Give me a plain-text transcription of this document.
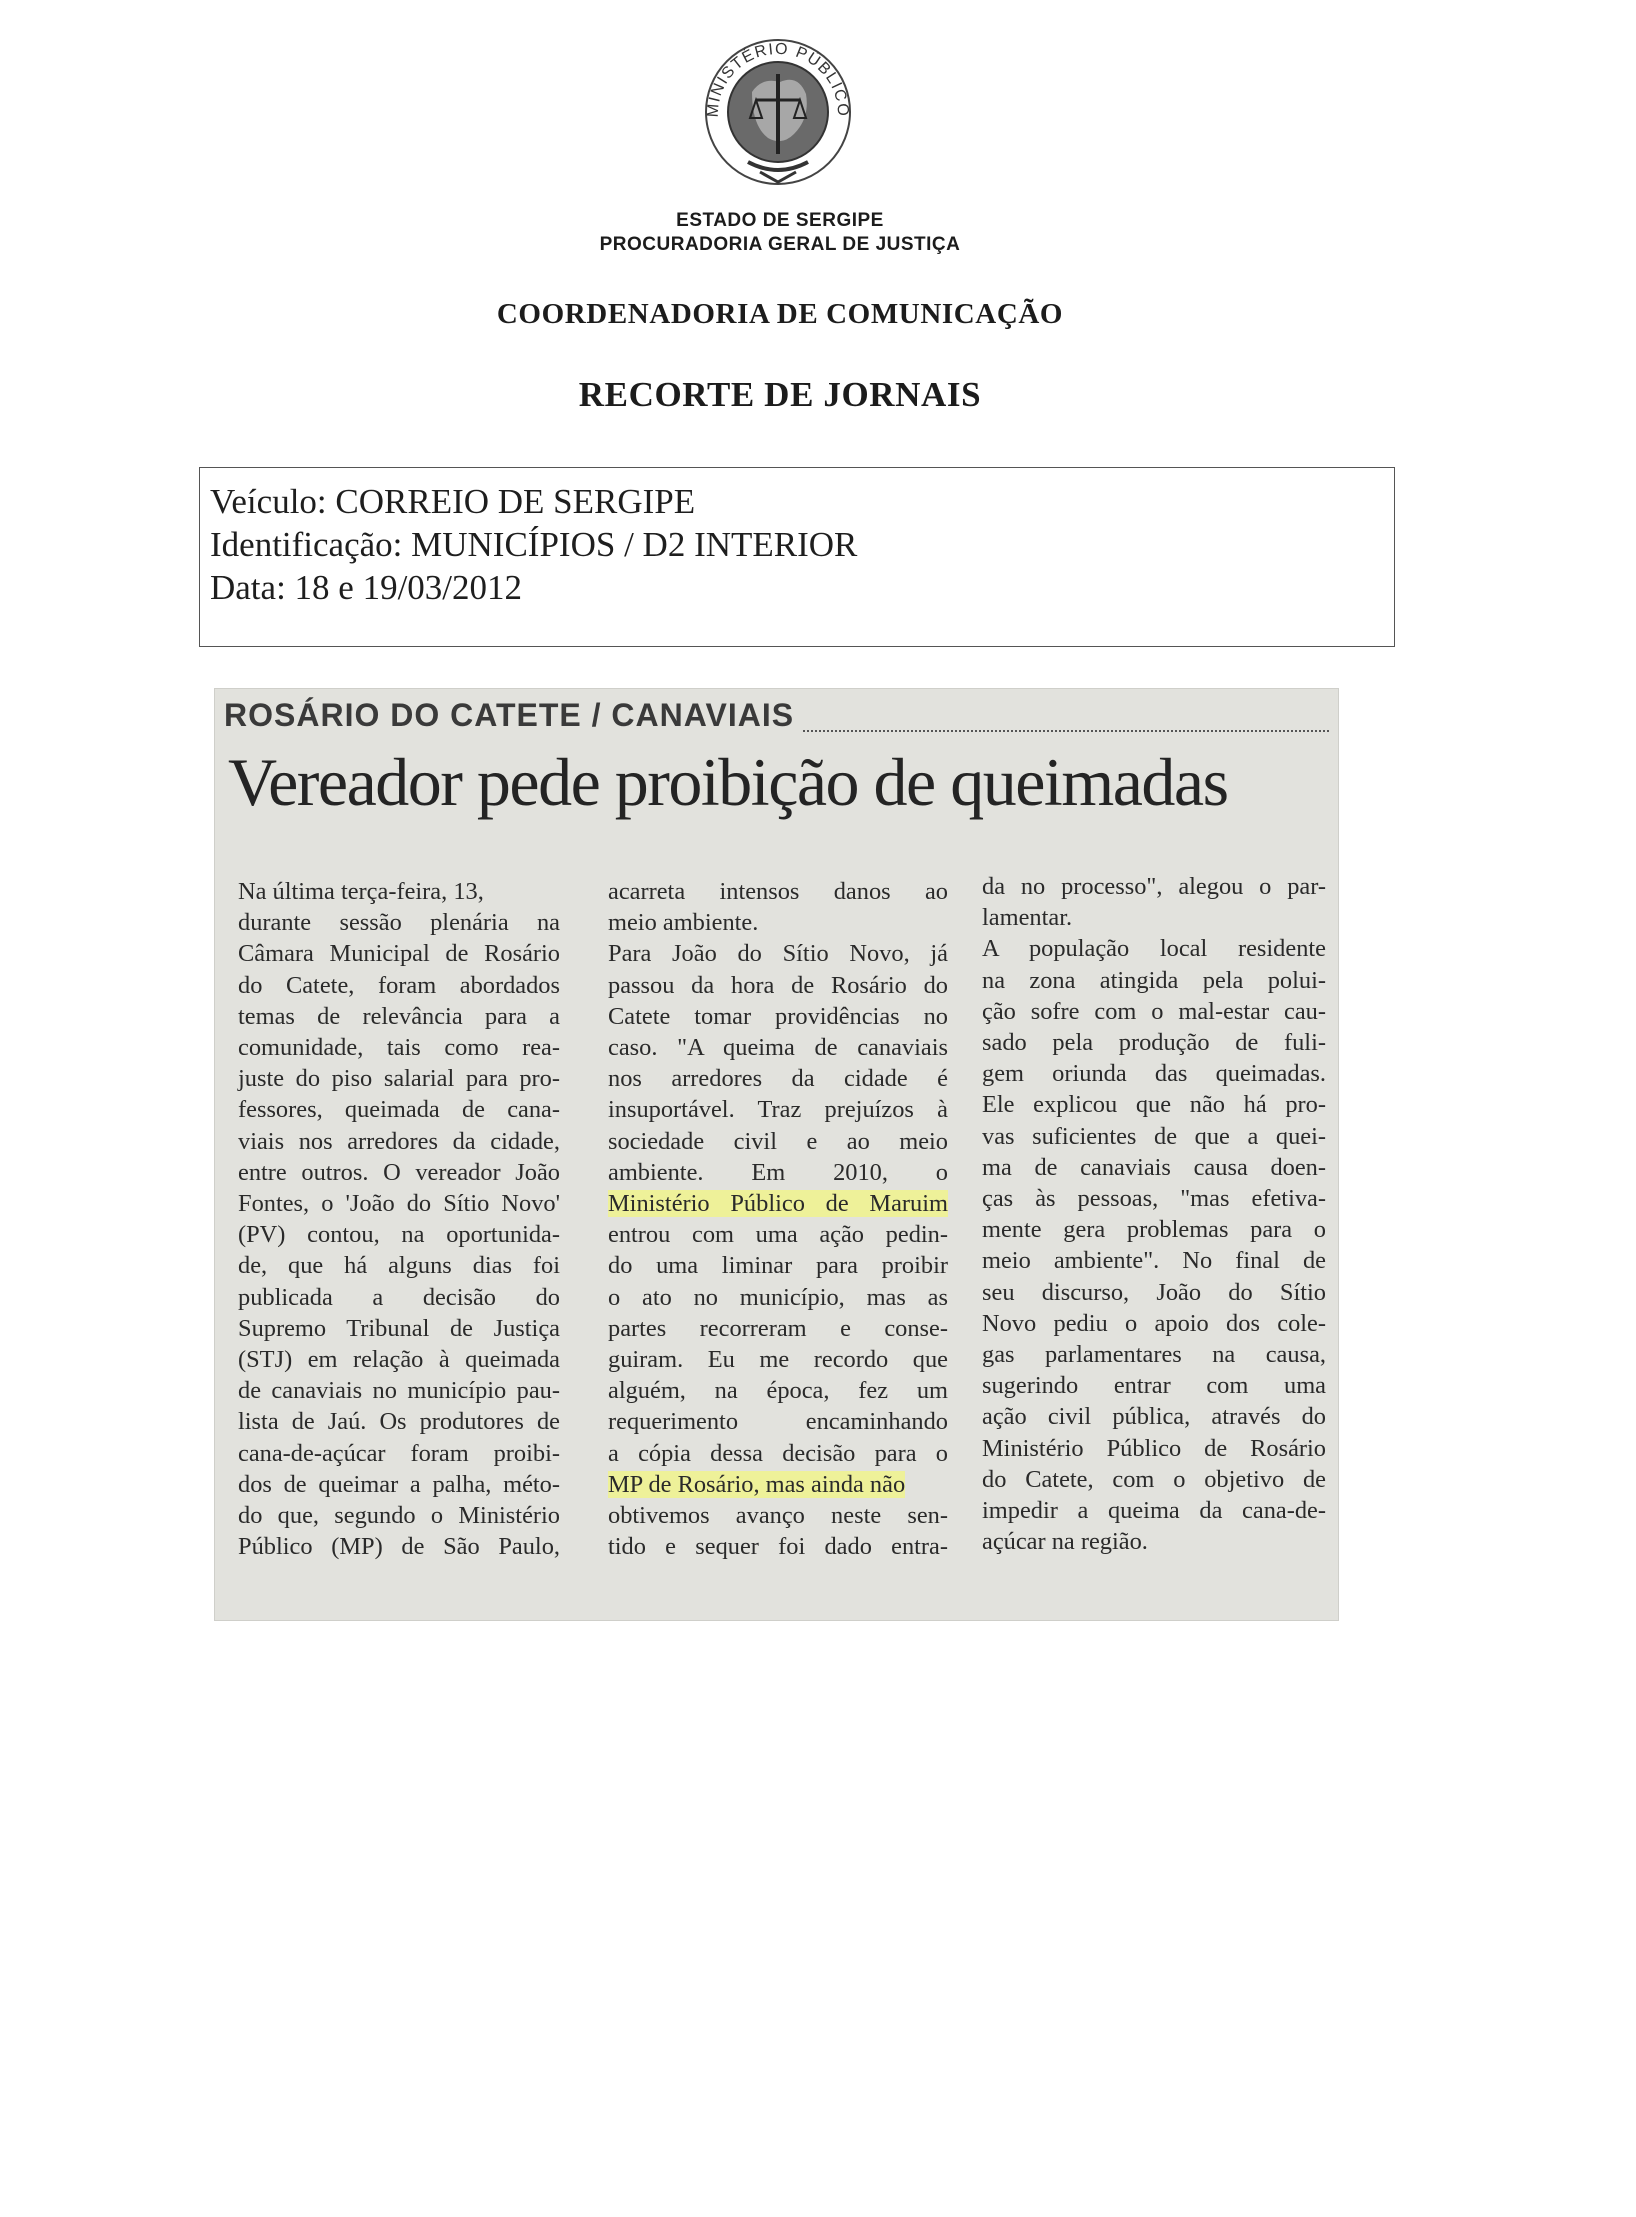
MINISTÉRIO PÚBLICO
ESTADO DE SERGIPE
PROCURADORIA GERAL DE JUSTIÇA
COORDENADORIA DE COMUNICAÇÃO
RECORTE DE JORNAIS
Veículo: CORREIO DE SERGIPE
Identificação: MUNICÍPIOS / D2 INTERIOR
Data: 18 e 19/03/2012
ROSÁRIO DO CATETE / CANAVIAIS
Vereador pede proibição de queimadas
Na última terça-feira, 13,
durante sessão plenária na
Câmara Municipal de Rosário
do Catete, foram abordados
temas de relevância para a
comunidade, tais como rea-
juste do piso salarial para pro-
fessores, queimada de cana-
viais nos arredores da cidade,
entre outros. O vereador João
Fontes, o 'João do Sítio Novo'
(PV) contou, na oportunida-
de, que há alguns dias foi
publicada a decisão do
Supremo Tribunal de Justiça
(STJ) em relação à queimada
de canaviais no município pau-
lista de Jaú. Os produtores de
cana-de-açúcar foram proibi-
dos de queimar a palha, méto-
do que, segundo o Ministério
Público (MP) de São Paulo,
acarreta intensos danos ao
meio ambiente.
Para João do Sítio Novo, já
passou da hora de Rosário do
Catete tomar providências no
caso. "A queima de canaviais
nos arredores da cidade é
insuportável. Traz prejuízos à
sociedade civil e ao meio
ambiente. Em 2010, o
Ministério Público de Maruim
entrou com uma ação pedin-
do uma liminar para proibir
o ato no município, mas as
partes recorreram e conse-
guiram. Eu me recordo que
alguém, na época, fez um
requerimento encaminhando
a cópia dessa decisão para o
MP de Rosário, mas ainda não
obtivemos avanço neste sen-
tido e sequer foi dado entra-
da no processo", alegou o par-
lamentar.
A população local residente
na zona atingida pela polui-
ção sofre com o mal-estar cau-
sado pela produção de fuli-
gem oriunda das queimadas.
Ele explicou que não há pro-
vas suficientes de que a quei-
ma de canaviais causa doen-
ças às pessoas, "mas efetiva-
mente gera problemas para o
meio ambiente". No final de
seu discurso, João do Sítio
Novo pediu o apoio dos cole-
gas parlamentares na causa,
sugerindo entrar com uma
ação civil pública, através do
Ministério Público de Rosário
do Catete, com o objetivo de
impedir a queima da cana-de-
açúcar na região.
